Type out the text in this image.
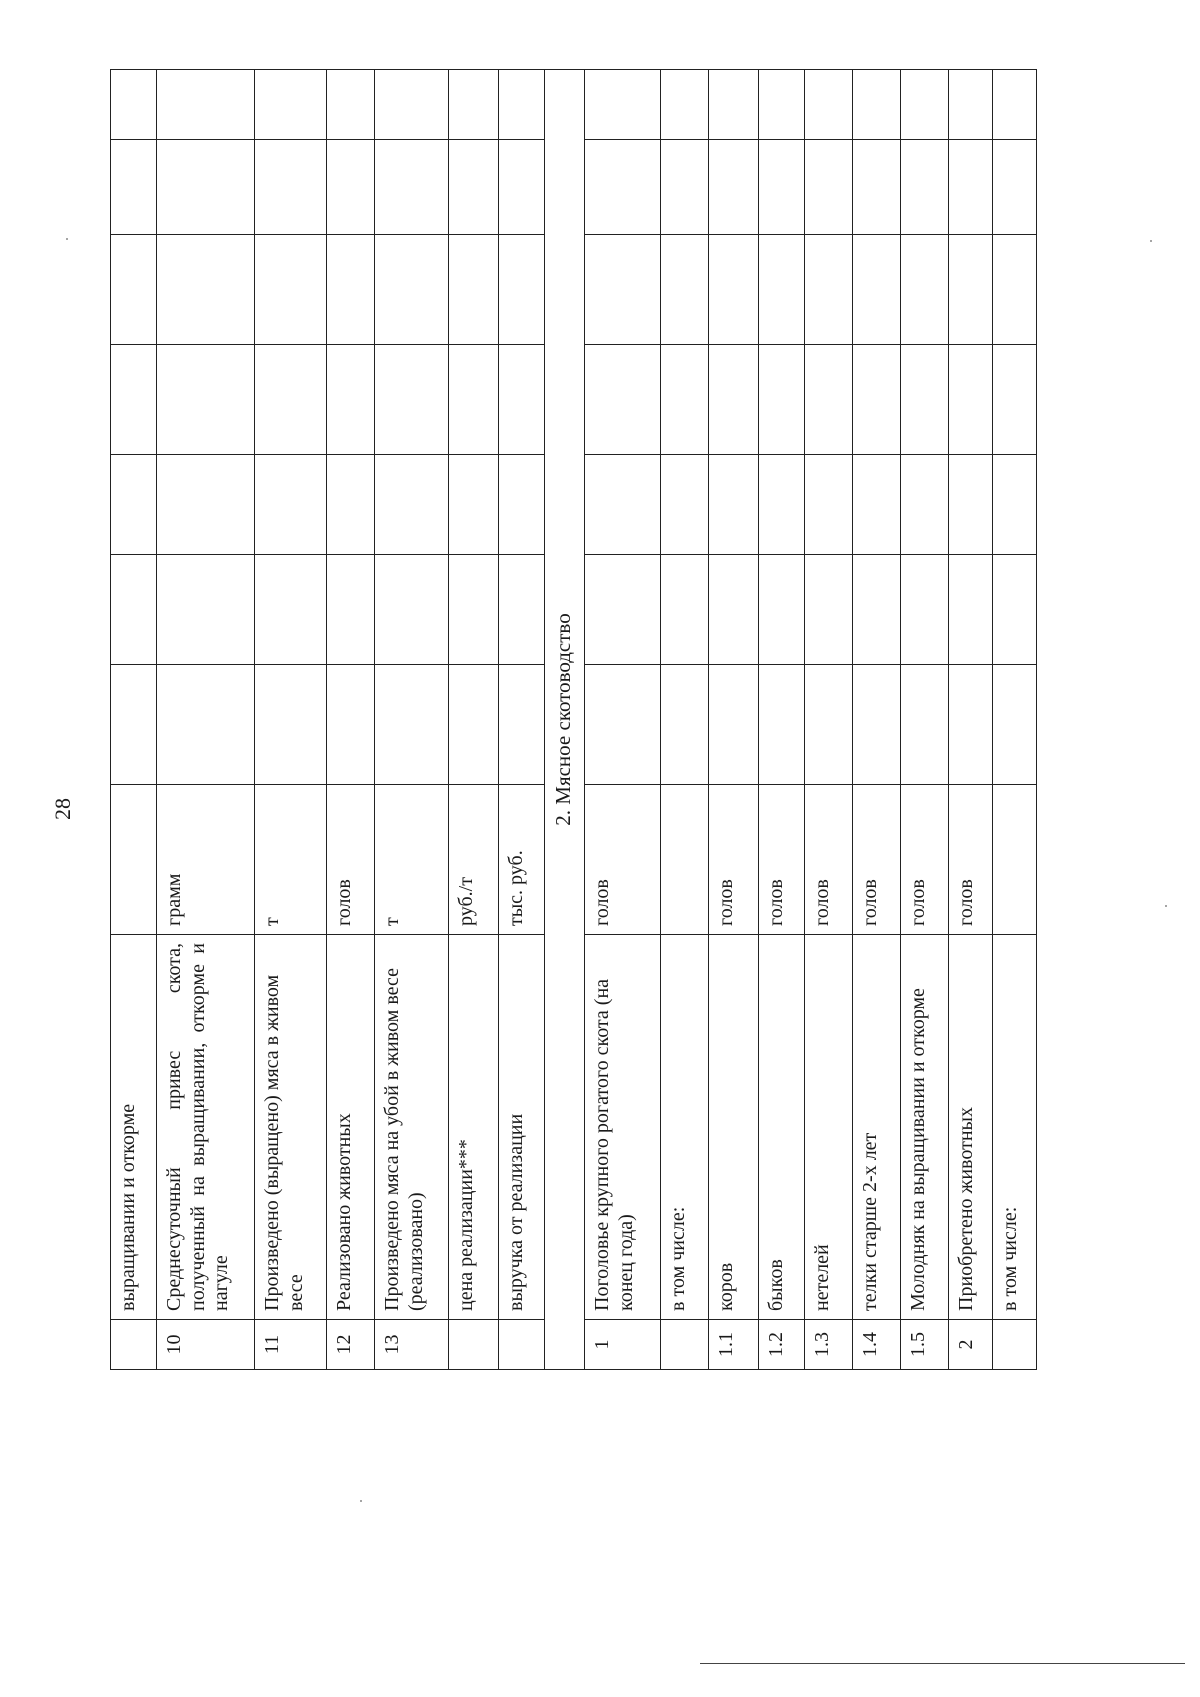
28
	выращивании и откорме								
10	Среднесуточный привес скота, полученный на выращивании, откорме и нагуле	грамм							
11	Произведено (выращено) мяса в живом весе	т							
12	Реализовано животных	голов							
13	Произведено мяса на убой в живом весе (реализовано)	т							
	цена реализации***	руб./т							
	выручка от реализации	тыс. руб.							
2. Мясное скотоводство									
1	Поголовье крупного рогатого скота (на конец года)	голов							
	в том числе:								
1.1	коров	голов							
1.2	быков	голов							
1.3	нетелей	голов							
1.4	телки старше 2-х лет	голов							
1.5	Молодняк на выращивании и откорме	голов							
2	Приобретено животных	голов							
	в том числе:								
